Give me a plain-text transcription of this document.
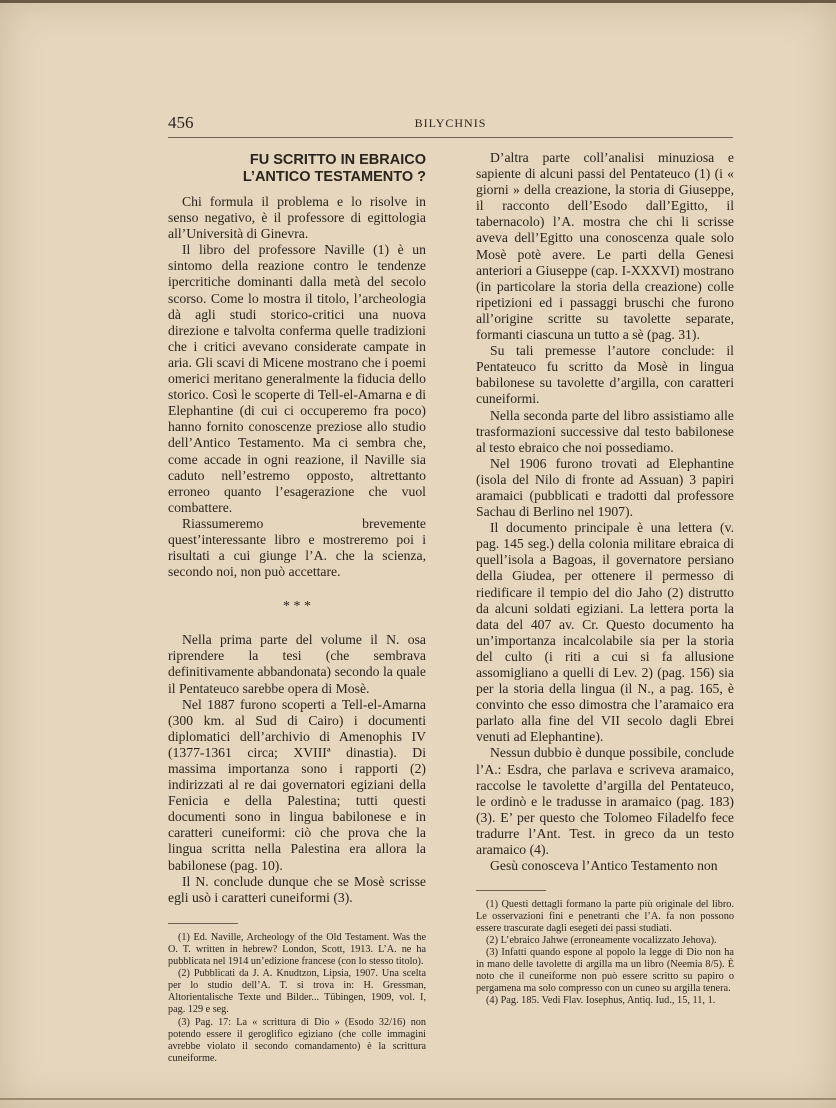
456	BILYCHNIS
FU SCRITTO IN EBRAICO
L’ANTICO TESTAMENTO ?

Chi formula il problema e lo risolve in senso negativo, è il professore di egittologia all’Università di Ginevra.

Il libro del professore Naville (1) è un sintomo della reazione contro le tendenze ipercritiche dominanti dalla metà del secolo scorso. Come lo mostra il titolo, l’archeologia dà agli studi storico-critici una nuova direzione e talvolta conferma quelle tradizioni che i critici avevano considerate campate in aria. Gli scavi di Micene mostrano che i poemi omerici meritano generalmente la fiducia dello storico. Così le scoperte di Tell-el-Amarna e di Elephantine (di cui ci occuperemo fra poco) hanno fornito conoscenze preziose allo studio dell’Antico Testamento. Ma ci sembra che, come accade in ogni reazione, il Naville sia caduto nell’estremo opposto, altrettanto erroneo quanto l’esagerazione che vuol combattere.

Riassumeremo brevemente quest’interessante libro e mostreremo poi i risultati a cui giunge l’A. che la scienza, secondo noi, non può accettare.

* * *

Nella prima parte del volume il N. osa riprendere la tesi (che sembrava definitivamente abbandonata) secondo la quale il Pentateuco sarebbe opera di Mosè.

Nel 1887 furono scoperti a Tell-el-Amarna (300 km. al Sud di Cairo) i documenti diplomatici dell’archivio di Amenophis IV (1377-1361 circa; XVIIIª dinastia). Di massima importanza sono i rapporti (2) indirizzati al re dai governatori egiziani della Fenicia e della Palestina; tutti questi documenti sono in lingua babilonese e in caratteri cuneiformi: ciò che prova che la lingua scritta nella Palestina era allora la babilonese (pag. 10).

Il N. conclude dunque che se Mosè scrisse egli usò i caratteri cuneiformi (3).

(1) Ed. Naville, Archeology of the Old Testament. Was the O. T. written in hebrew? London, Scott, 1913. L’A. ne ha pubblicata nel 1914 un’edizione francese (con lo stesso titolo).

(2) Pubblicati da J. A. Knudtzon, Lipsia, 1907. Una scelta per lo studio dell’A. T. si trova in: H. Gressman, Altorientalische Texte und Bilder... Tübingen, 1909, vol. I, pag. 129 e seg.

(3) Pag. 17: La « scrittura di Dio » (Esodo 32/16) non potendo essere il geroglifico egiziano (che colle immagini avrebbe violato il secondo comandamento) è la scrittura cuneiforme.

D’altra parte coll’analisi minuziosa e sapiente di alcuni passi del Pentateuco (1) (i « giorni » della creazione, la storia di Giuseppe, il racconto dell’Esodo dall’Egitto, il tabernacolo) l’A. mostra che chi li scrisse aveva dell’Egitto una conoscenza quale solo Mosè potè avere. Le parti della Genesi anteriori a Giuseppe (cap. I-XXXVI) mostrano (in particolare la storia della creazione) colle ripetizioni ed i passaggi bruschi che furono all’origine scritte su tavolette separate, formanti ciascuna un tutto a sè (pag. 31).

Su tali premesse l’autore conclude: il Pentateuco fu scritto da Mosè in lingua babilonese su tavolette d’argilla, con caratteri cuneiformi.

Nella seconda parte del libro assistiamo alle trasformazioni successive dal testo babilonese al testo ebraico che noi possediamo.

Nel 1906 furono trovati ad Elephantine (isola del Nilo di fronte ad Assuan) 3 papiri aramaici (pubblicati e tradotti dal professore Sachau di Berlino nel 1907).

Il documento principale è una lettera (v. pag. 145 seg.) della colonia militare ebraica di quell’isola a Bagoas, il governatore persiano della Giudea, per ottenere il permesso di riedificare il tempio del dio Jaho (2) distrutto da alcuni soldati egiziani. La lettera porta la data del 407 av. Cr. Questo documento ha un’importanza incalcolabile sia per la storia del culto (i riti a cui si fa allusione assomigliano a quelli di Lev. 2) (pag. 156) sia per la storia della lingua (il N., a pag. 165, è convinto che esso dimostra che l’aramaico era parlato alla fine del VII secolo dagli Ebrei venuti ad Elephantine).

Nessun dubbio è dunque possibile, conclude l’A.: Esdra, che parlava e scriveva aramaico, raccolse le tavolette d’argilla del Pentateuco, le ordinò e le tradusse in aramaico (pag. 183) (3). E’ per questo che Tolomeo Filadelfo fece tradurre l’Ant. Test. in greco da un testo aramaico (4).

Gesù conosceva l’Antico Testamento non

(1) Questi dettagli formano la parte più originale del libro. Le osservazioni fini e penetranti che l’A. fa non possono essere trascurate dagli esegeti dei passi studiati.

(2) L’ebraico Jahwe (erroneamente vocalizzato Jehova).

(3) Infatti quando espone al popolo la legge di Dio non ha in mano delle tavolette di argilla ma un libro (Neemia 8/5). È noto che il cuneiforme non può essere scritto su papiro o pergamena ma solo compresso con un cuneo su argilla tenera.

(4) Pag. 185. Vedi Flav. Iosephus, Antiq. Iud., 15, 11, 1.
